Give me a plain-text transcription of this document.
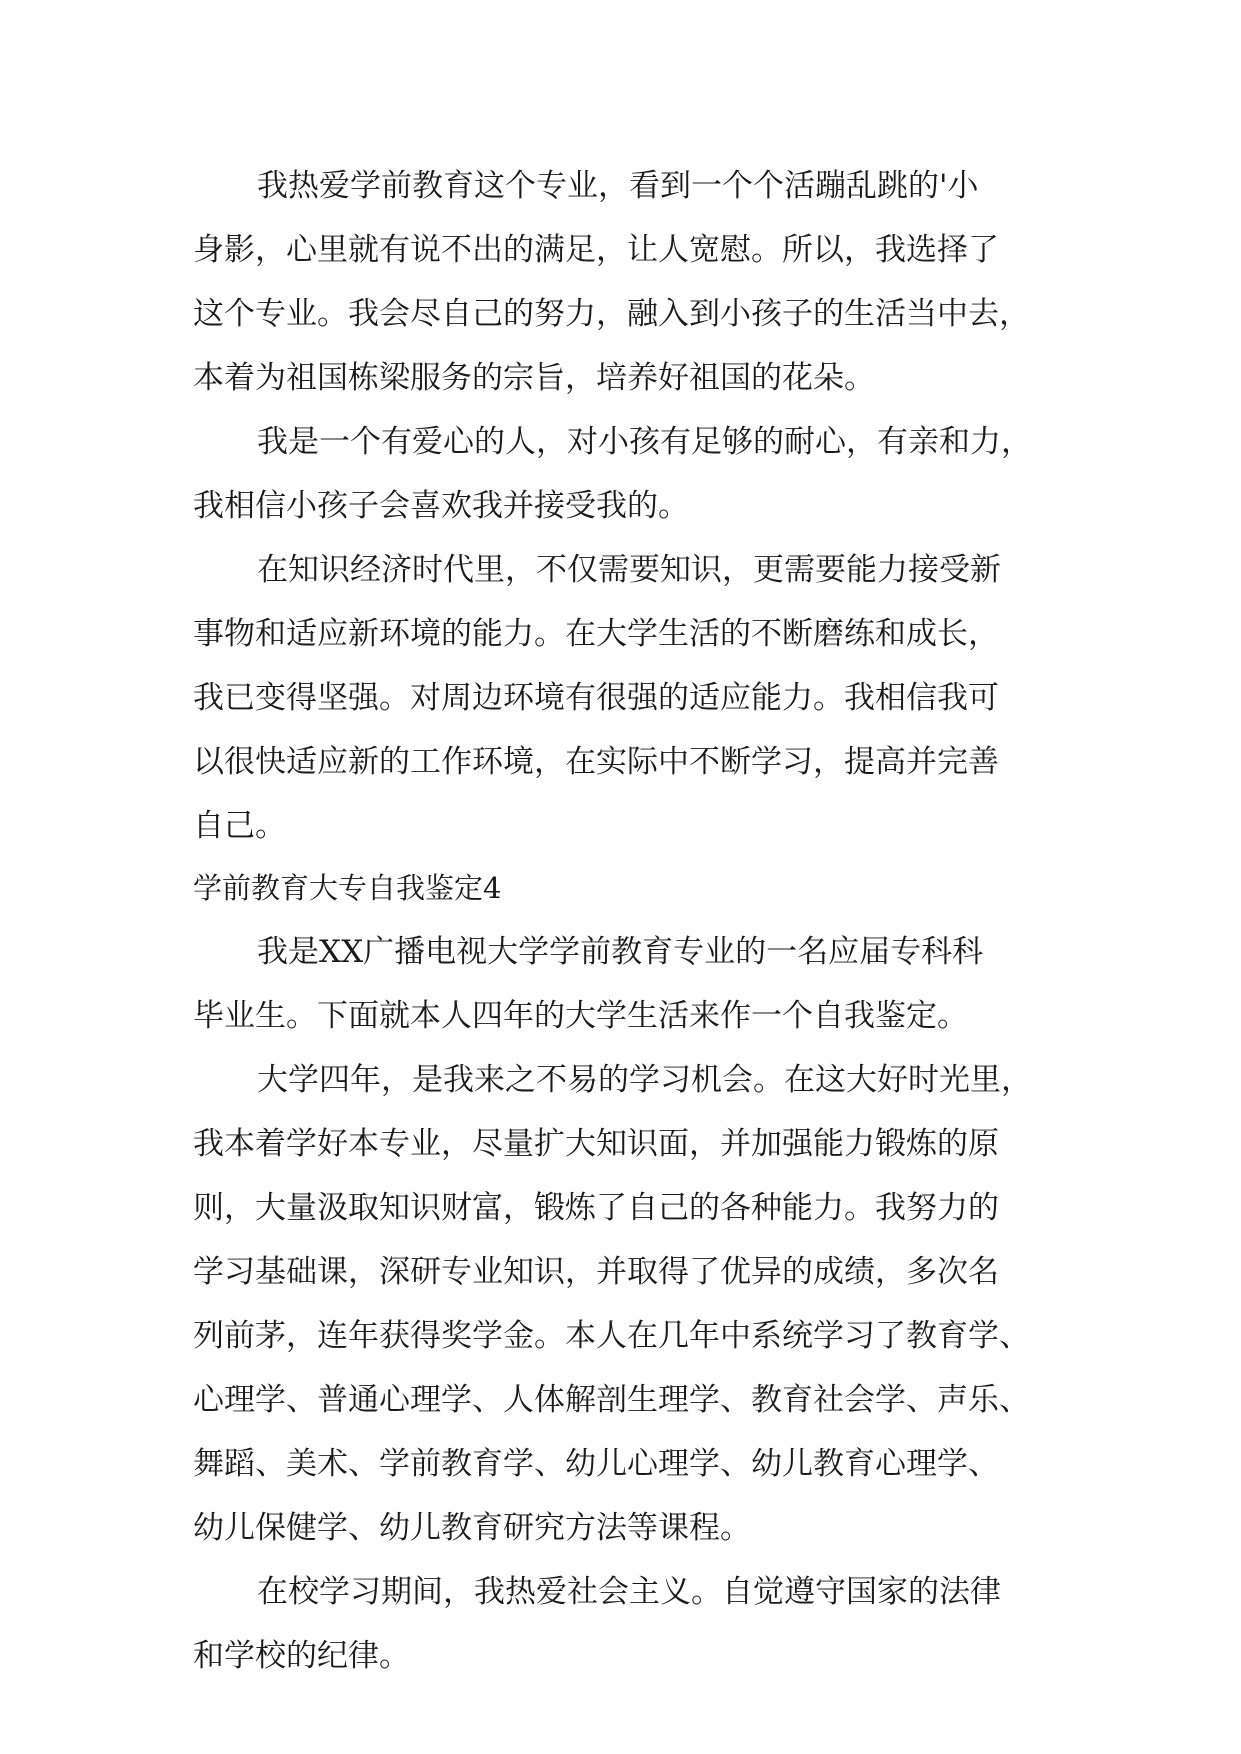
我热爱学前教育这个专业，看到一个个活蹦乱跳的'小
身影，心里就有说不出的满足，让人宽慰。所以，我选择了
这个专业。我会尽自己的努力，融入到小孩子的生活当中去，
本着为祖国栋梁服务的宗旨，培养好祖国的花朵。
我是一个有爱心的人，对小孩有足够的耐心，有亲和力，
我相信小孩子会喜欢我并接受我的。
在知识经济时代里，不仅需要知识，更需要能力接受新
事物和适应新环境的能力。在大学生活的不断磨练和成长，
我已变得坚强。对周边环境有很强的适应能力。我相信我可
以很快适应新的工作环境，在实际中不断学习，提高并完善
自己。
学前教育大专自我鉴定4
我是XX广播电视大学学前教育专业的一名应届专科科
毕业生。下面就本人四年的大学生活来作一个自我鉴定。
大学四年，是我来之不易的学习机会。在这大好时光里，
我本着学好本专业，尽量扩大知识面，并加强能力锻炼的原
则，大量汲取知识财富，锻炼了自己的各种能力。我努力的
学习基础课，深研专业知识，并取得了优异的成绩，多次名
列前茅，连年获得奖学金。本人在几年中系统学习了教育学、
心理学、普通心理学、人体解剖生理学、教育社会学、声乐、
舞蹈、美术、学前教育学、幼儿心理学、幼儿教育心理学、
幼儿保健学、幼儿教育研究方法等课程。
在校学习期间，我热爱社会主义。自觉遵守国家的法律
和学校的纪律。
